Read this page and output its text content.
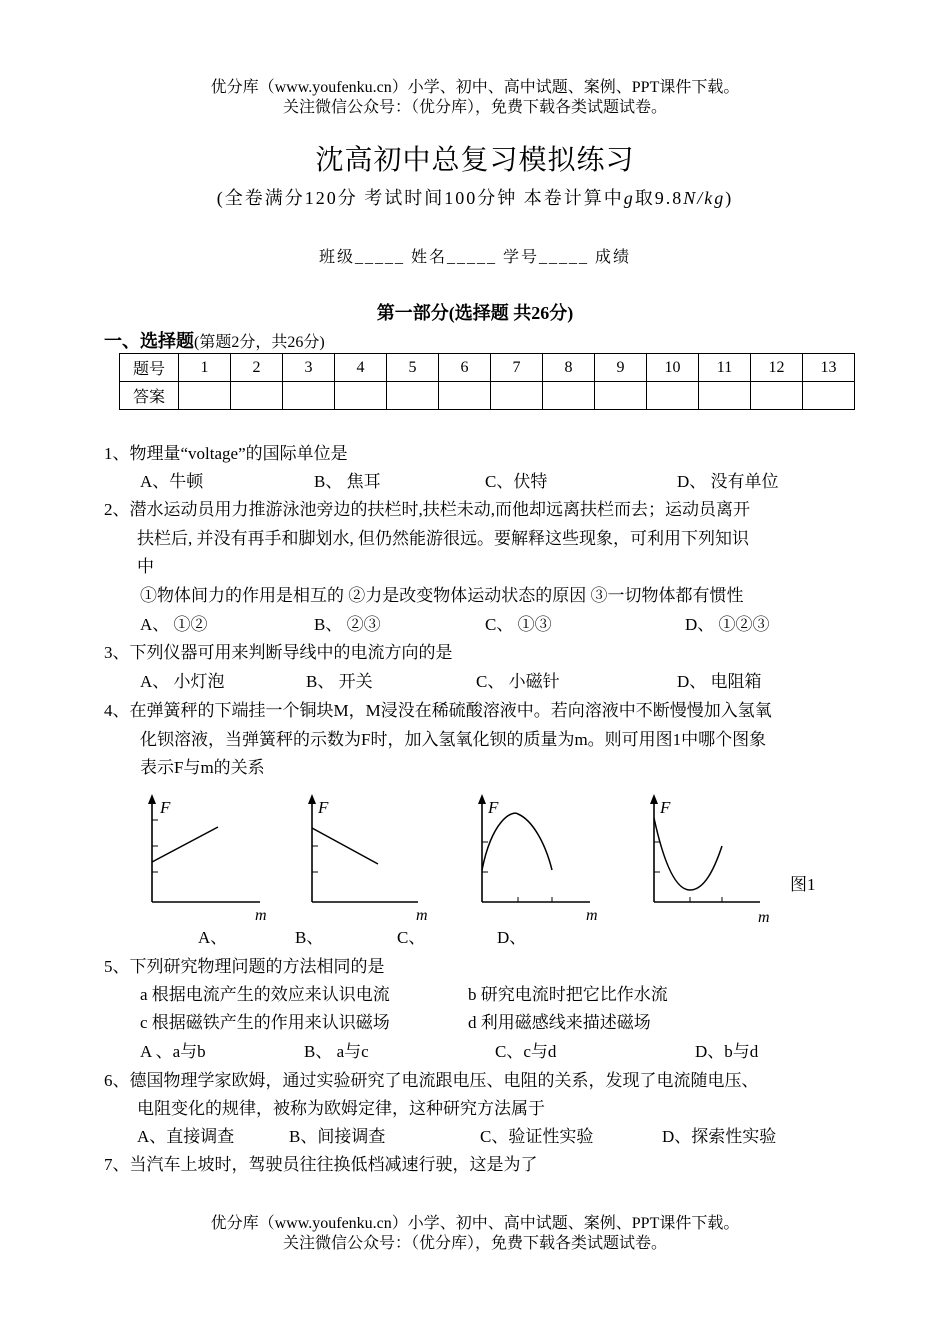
优分库（www.youfenku.cn）小学、初中、高中试题、案例、PPT课件下载。
关注微信公众号：（优分库），免费下载各类试题试卷。
沈高初中总复习模拟练习
(全卷满分120分 考试时间100分钟 本卷计算中g取9.8N/kg)
班级_____ 姓名_____ 学号_____ 成绩
第一部分(选择题 共26分)
一、选择题(第题2分，共26分)
题号	1	2	3	4	5	6	7	8	9	10	11	12	13
答案													
1、物理量“voltage”的国际单位是
A、牛顿	B、 焦耳	C、伏特	D、 没有单位
2、潜水运动员用力推游泳池旁边的扶栏时,扶栏未动,而他却远离扶栏而去；运动员离开
扶栏后, 并没有再手和脚划水, 但仍然能游很远。要解释这些现象，可利用下列知识
中
①物体间力的作用是相互的 ②力是改变物体运动状态的原因 ③一切物体都有惯性
A、 ①②	B、 ②③	C、 ①③	D、 ①②③
3、下列仪器可用来判断导线中的电流方向的是
A、 小灯泡	B、 开关	C、 小磁针	D、 电阻箱
4、在弹簧秤的下端挂一个铜块M，M浸没在稀硫酸溶液中。若向溶液中不断慢慢加入氢氧
化钡溶液，当弹簧秤的示数为F时，加入氢氧化钡的质量为m。则可用图1中哪个图象
表示F与m的关系
F
m
F
m
F
m
F
m
图1
A、	B、	C、	D、
5、下列研究物理问题的方法相同的是
a 根据电流产生的效应来认识电流	b 研究电流时把它比作水流
c 根据磁铁产生的作用来认识磁场	d 利用磁感线来描述磁场
A 、a与b	B、 a与c	C、c与d	D、b与d
6、德国物理学家欧姆，通过实验研究了电流跟电压、电阻的关系，发现了电流随电压、
电阻变化的规律，被称为欧姆定律，这种研究方法属于
A、直接调查	B、间接调查	C、验证性实验	D、探索性实验
7、当汽车上坡时，驾驶员往往换低档减速行驶，这是为了
优分库（www.youfenku.cn）小学、初中、高中试题、案例、PPT课件下载。
关注微信公众号：（优分库），免费下载各类试题试卷。
